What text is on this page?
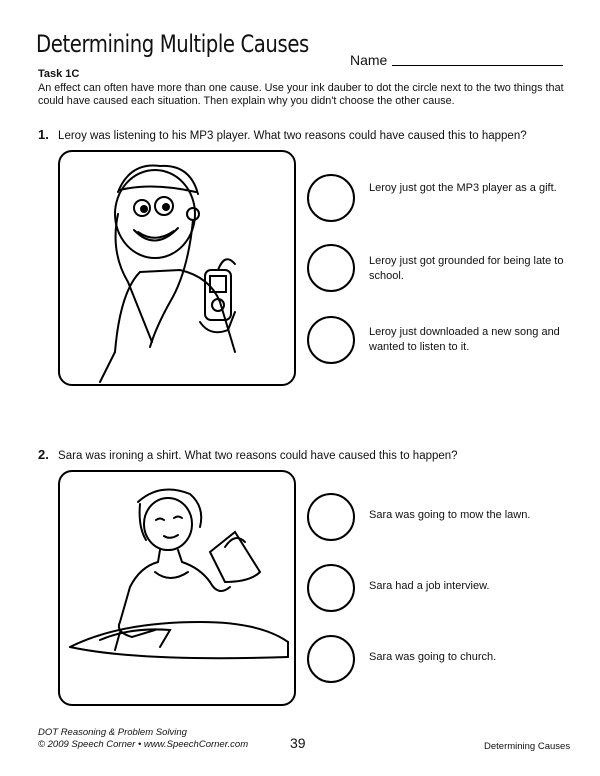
Determining Multiple Causes
Name
Task 1C
An effect can often have more than one cause. Use your ink dauber to dot the circle next to the two things that could have caused each situation. Then explain why you didn't choose the other cause.
1. Leroy was listening to his MP3 player. What two reasons could have caused this to happen?
Leroy just got the MP3 player as a gift.
Leroy just got grounded for being late to school.
Leroy just downloaded a new song and wanted to listen to it.
2. Sara was ironing a shirt. What two reasons could have caused this to happen?
Sara was going to mow the lawn.
Sara had a job interview.
Sara was going to church.
DOT Reasoning & Problem Solving
© 2009 Speech Corner • www.SpeechCorner.com	39	Determining Causes
